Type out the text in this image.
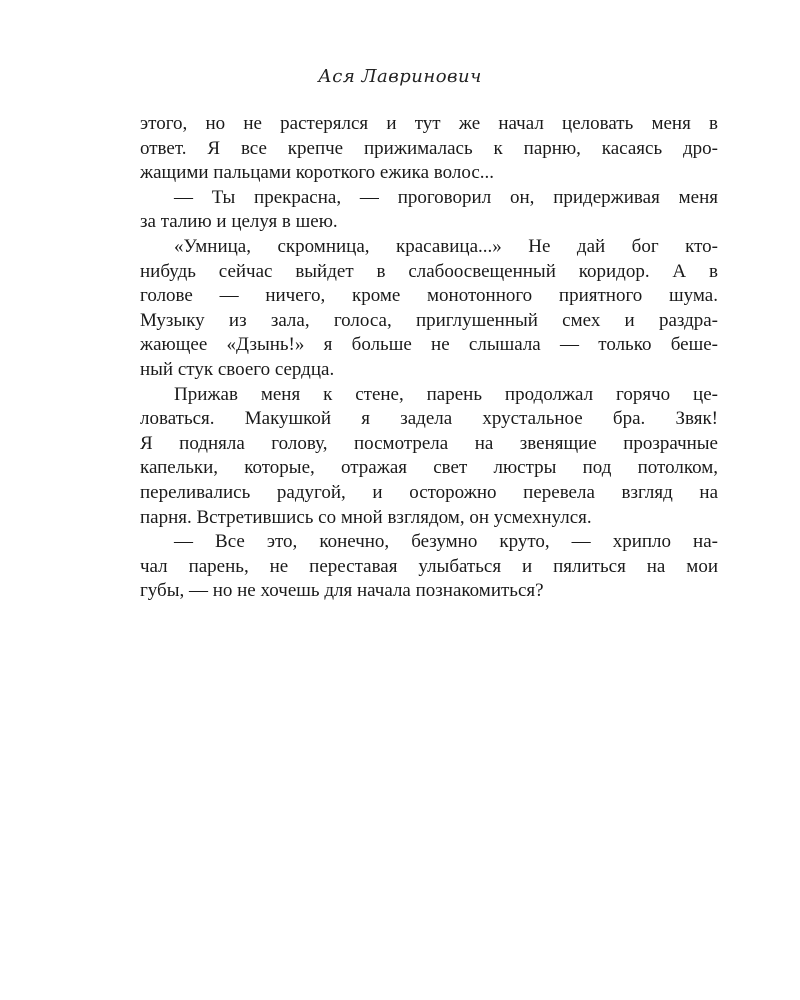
Ася Лавринович
этого, но не растерялся и тут же начал целовать меня в
ответ. Я все крепче прижималась к парню, касаясь дро-
жащими пальцами короткого ежика волос...
— Ты прекрасна, — проговорил он, придерживая меня
за талию и целуя в шею.
«Умница, скромница, красавица...» Не дай бог кто-
нибудь сейчас выйдет в слабоосвещенный коридор. А в
голове — ничего, кроме монотонного приятного шума.
Музыку из зала, голоса, приглушенный смех и раздра-
жающее «Дзынь!» я больше не слышала — только беше-
ный стук своего сердца.
Прижав меня к стене, парень продолжал горячо це-
ловаться. Макушкой я задела хрустальное бра. Звяк!
Я подняла голову, посмотрела на звенящие прозрачные
капельки, которые, отражая свет люстры под потолком,
переливались радугой, и осторожно перевела взгляд на
парня. Встретившись со мной взглядом, он усмехнулся.
— Все это, конечно, безумно круто, — хрипло на-
чал парень, не переставая улыбаться и пялиться на мои
губы, — но не хочешь для начала познакомиться?
